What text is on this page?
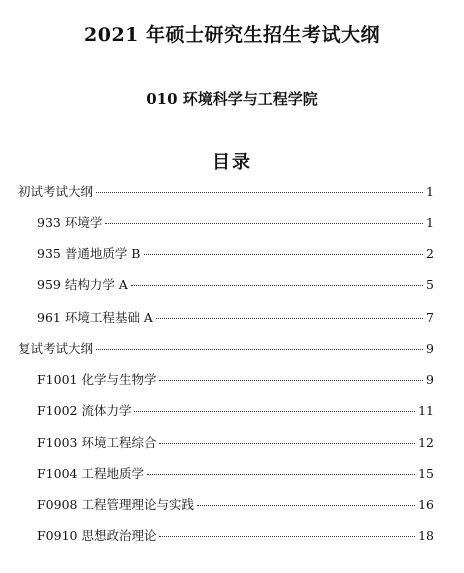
2021 年硕士研究生招生考试大纲
010 环境科学与工程学院
目录
初试考试大纲	1
933 环境学	1
935 普通地质学 B	2
959 结构力学 A	5
961 环境工程基础 A	7
复试考试大纲	9
F1001 化学与生物学	9
F1002 流体力学	11
F1003 环境工程综合	12
F1004 工程地质学	15
F0908 工程管理理论与实践	16
F0910 思想政治理论	18
